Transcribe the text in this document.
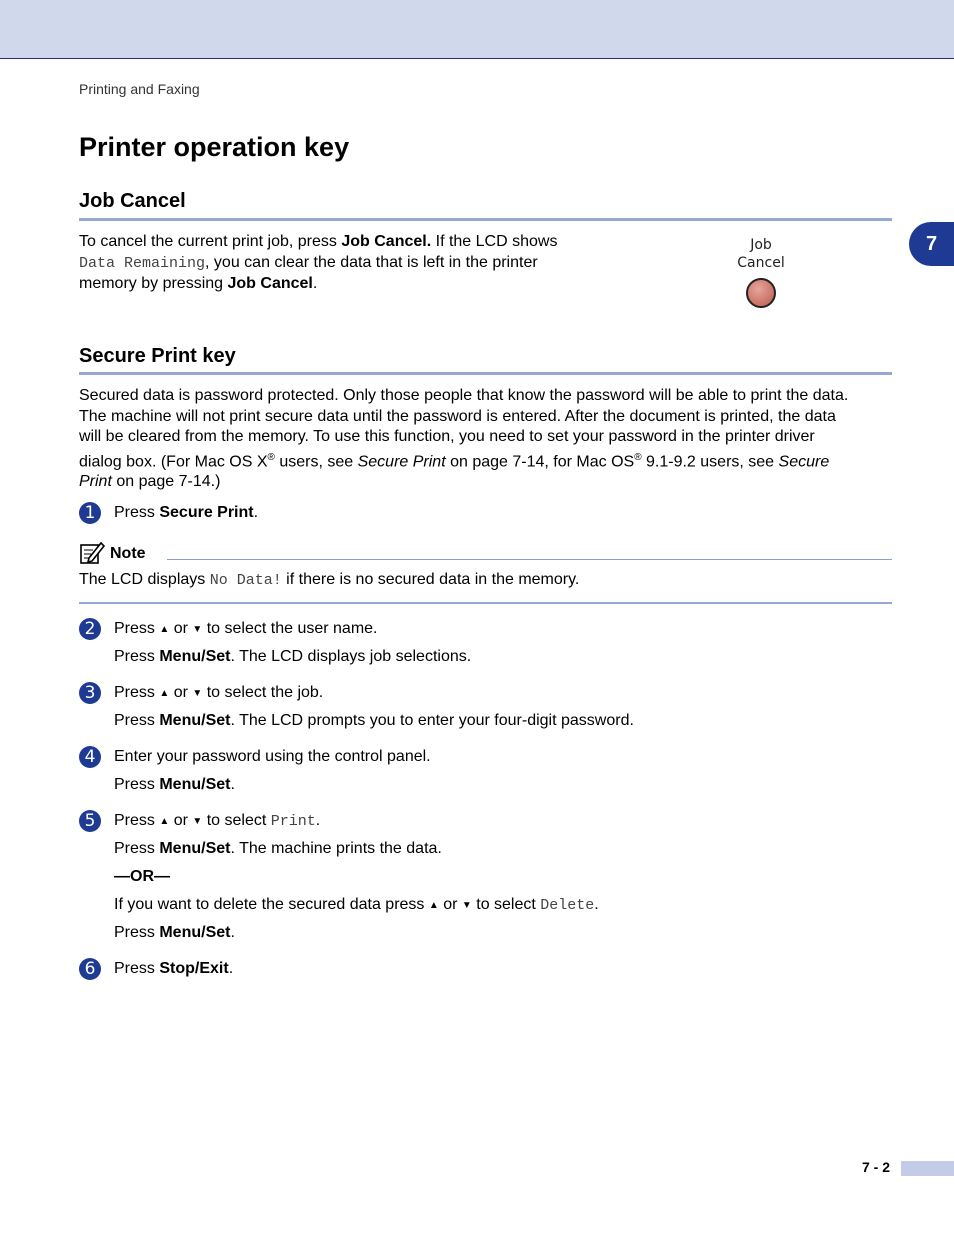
Printing and Faxing
7
Printer operation key
Job Cancel
To cancel the current print job, press Job Cancel. If the LCD shows
Data Remaining, you can clear the data that is left in the printer
memory by pressing Job Cancel.
Job
Cancel
Secure Print key
Secured data is password protected. Only those people that know the password will be able to print the data.
The machine will not print secure data until the password is entered. After the document is printed, the data
will be cleared from the memory. To use this function, you need to set your password in the printer driver
dialog box. (For Mac OS X® users, see Secure Print on page 7-14, for Mac OS® 9.1-9.2 users, see Secure
Print on page 7-14.)
1	Press Secure Print.
Note
The LCD displays No Data! if there is no secured data in the memory.
2	Press ▲ or ▼ to select the user name.
Press Menu/Set. The LCD displays job selections.
3	Press ▲ or ▼ to select the job.
Press Menu/Set. The LCD prompts you to enter your four-digit password.
4	Enter your password using the control panel.
Press Menu/Set.
5	Press ▲ or ▼ to select Print.
Press Menu/Set. The machine prints the data.
—OR—
If you want to delete the secured data press ▲ or ▼ to select Delete.
Press Menu/Set.
6	Press Stop/Exit.
7 - 2
